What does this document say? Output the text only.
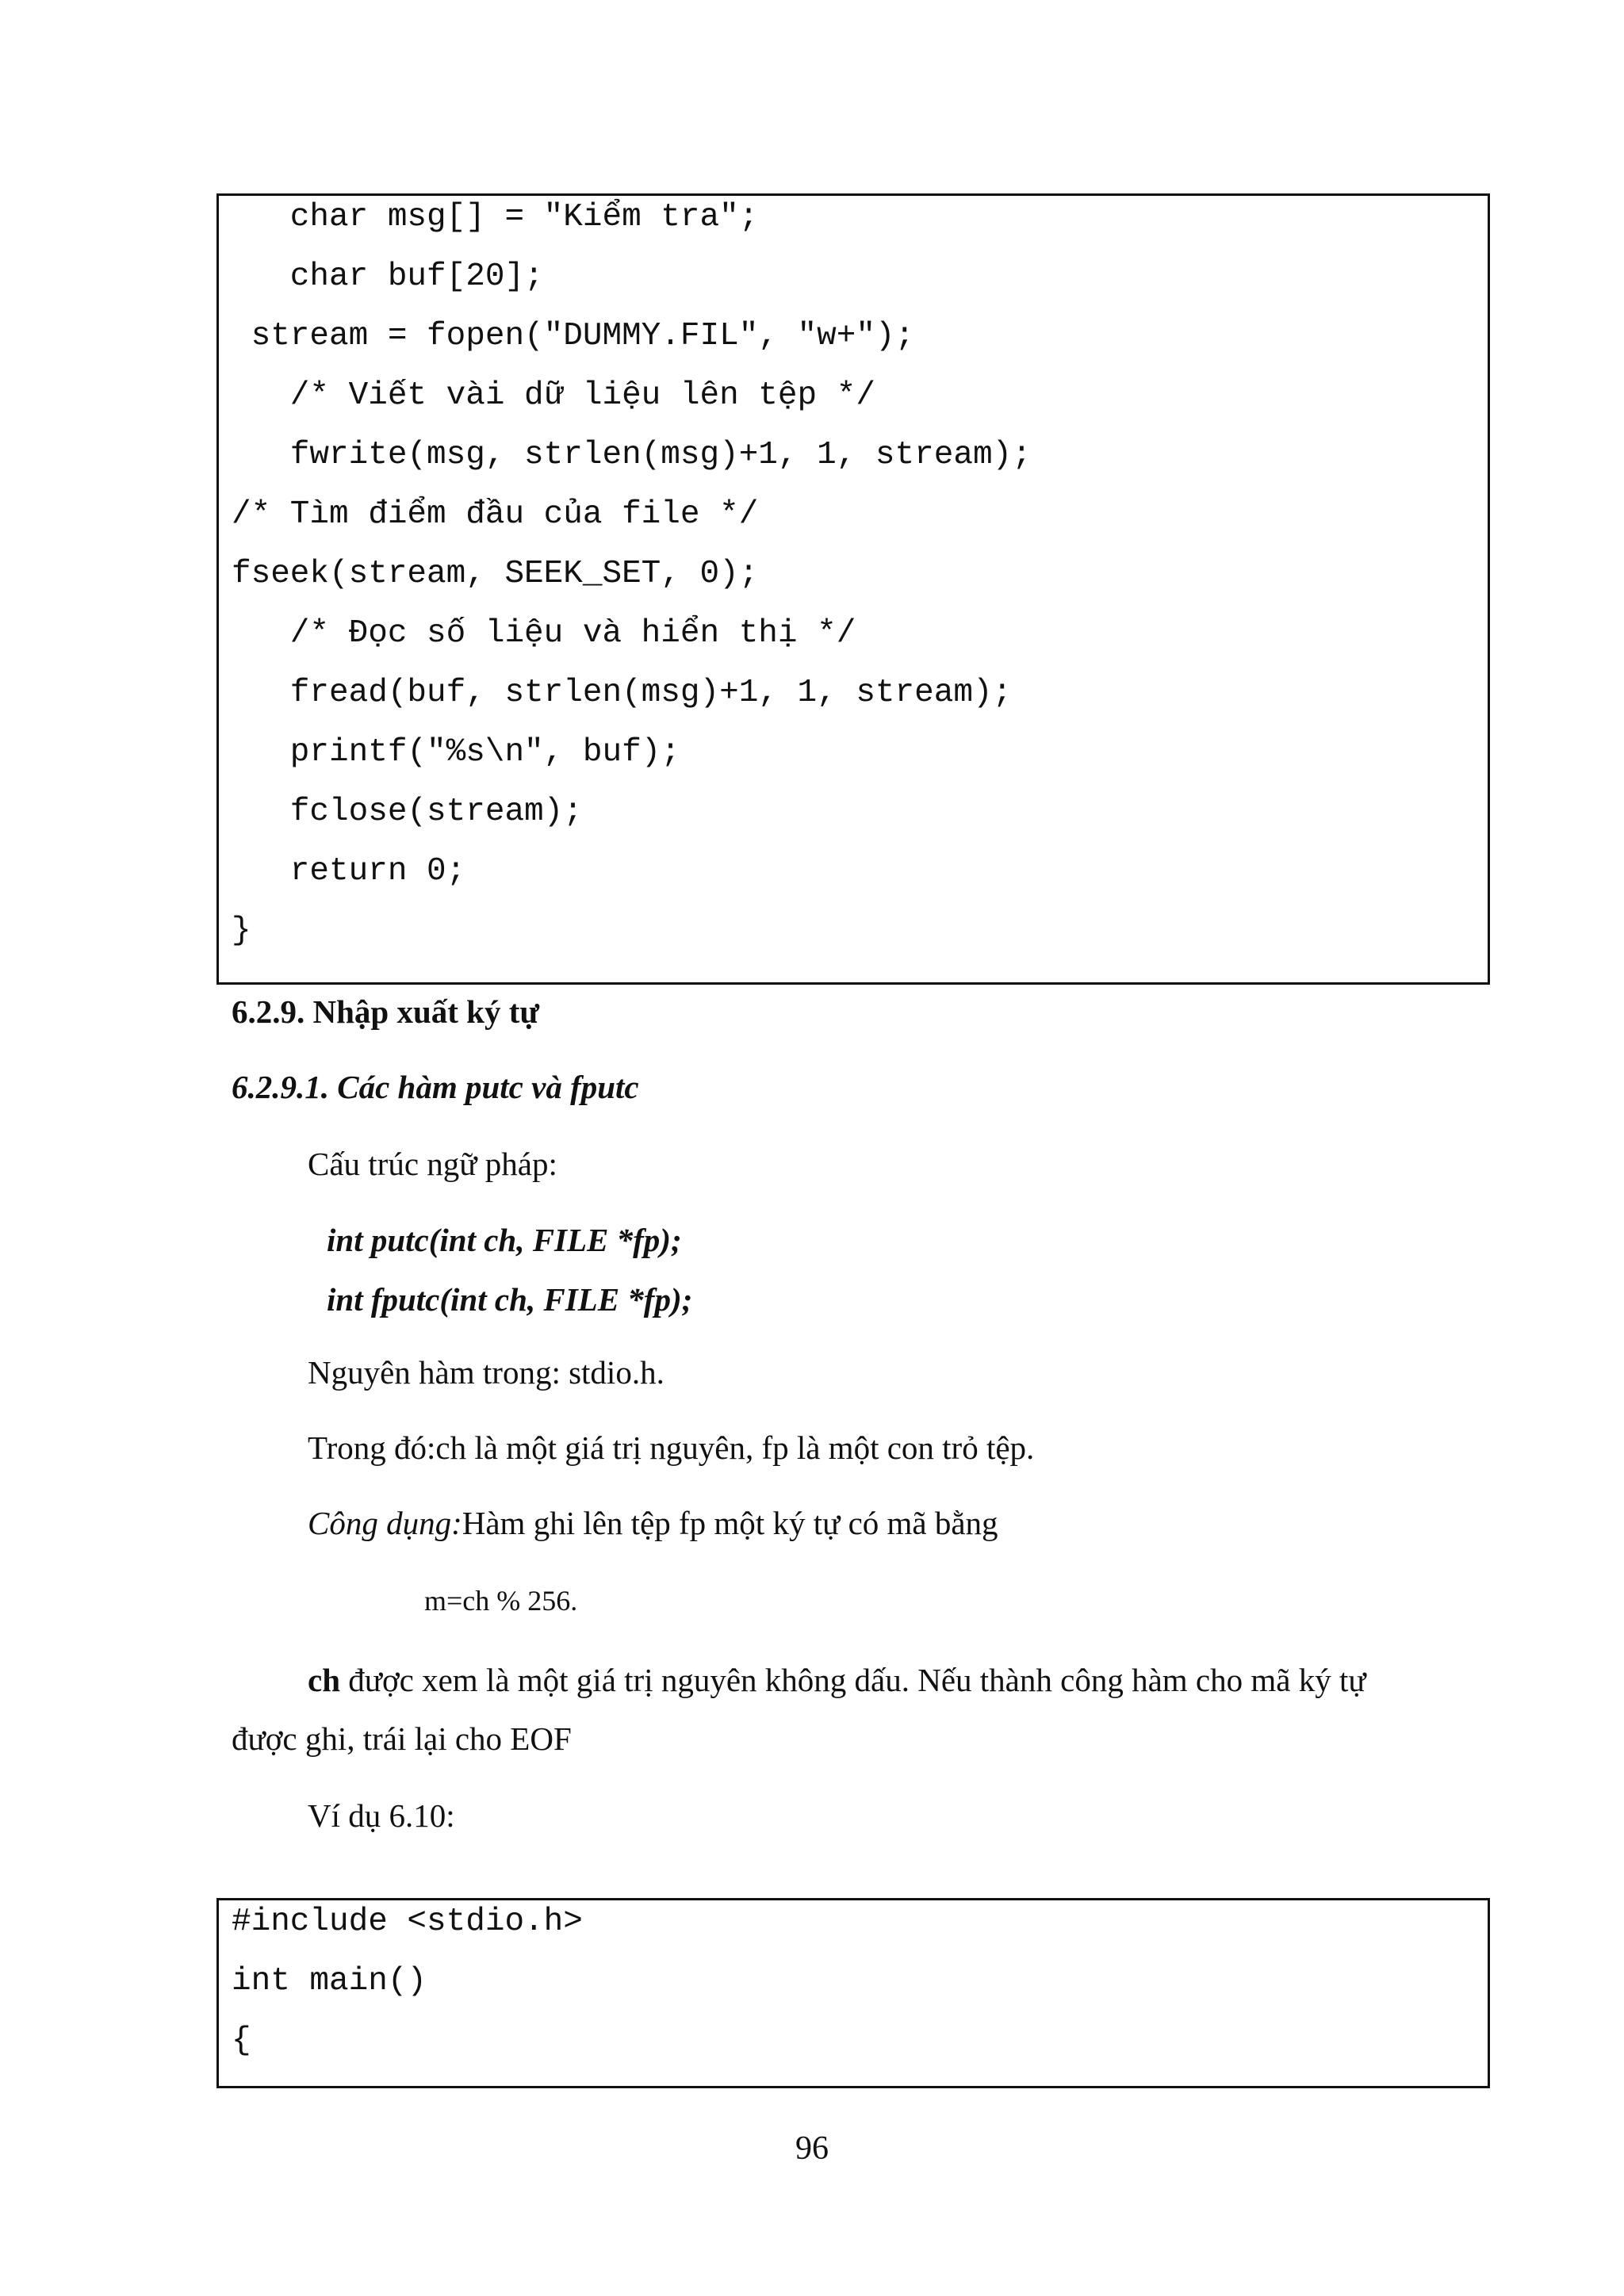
char msg[] = "Kiểm tra";
char buf[20];
stream = fopen("DUMMY.FIL", "w+");
/* Viết vài dữ liệu lên tệp */
fwrite(msg, strlen(msg)+1, 1, stream);
/* Tìm điểm đầu của file */
fseek(stream, SEEK_SET, 0);
/* Đọc số liệu và hiển thị */
fread(buf, strlen(msg)+1, 1, stream);
printf("%s\n", buf);
fclose(stream);
return 0;
}
6.2.9. Nhập xuất ký tự
6.2.9.1. Các hàm putc và fputc
Cấu trúc ngữ pháp:
int putc(int ch, FILE *fp);
int fputc(int ch, FILE *fp);
Nguyên hàm trong: stdio.h.
Trong đó:ch là một giá trị nguyên, fp là một con trỏ tệp.
Công dụng:Hàm ghi lên tệp fp một ký tự có mã bằng
m=ch % 256.
ch được xem là một giá trị nguyên không dấu. Nếu thành công hàm cho mã ký tự
được ghi, trái lại cho EOF
Ví dụ 6.10:
#include <stdio.h>
int main()
{
96
